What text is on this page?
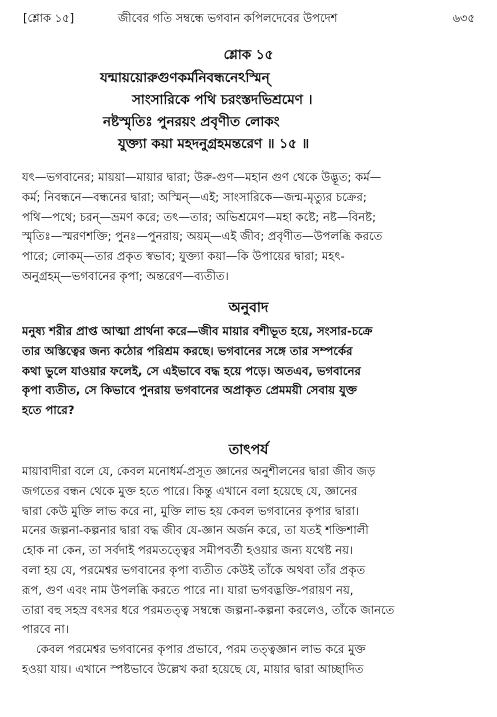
[শ্লোক ১৫]	জীবের গতি সম্বন্ধে ভগবান কপিলদেবের উপদেশ	৬৩৫
শ্লোক ১৫
যন্মায়য়োরুগুণকর্মনিবন্ধনেঽস্মিন্
সাংসারিকে পথি চরংস্তদভিশ্রমেণ ।
নষ্টস্মৃতিঃ পুনরয়ং প্রবৃণীত লোকং
যুক্ত্যা কয়া মহদনুগ্রহমন্তরেণ ॥ ১৫ ॥
যৎ—ভগবানের; মায়য়া—মায়ার দ্বারা; উরু-গুণ—মহান গুণ থেকে উদ্ভূত; কর্ম—
কর্ম; নিবন্ধনে—বন্ধনের দ্বারা; অস্মিন্—এই; সাংসারিকে—জন্ম-মৃত্যুর চক্রের;
পথি—পথে; চরন্—ভ্রমণ করে; তৎ—তার; অভিশ্রমেণ—মহা কষ্টে; নষ্ট—বিনষ্ট;
স্মৃতিঃ—স্মরণশক্তি; পুনঃ—পুনরায়; অয়ম্—এই জীব; প্রবৃণীত—উপলব্ধি করতে
পারে; লোকম্—তার প্রকৃত স্বভাব; যুক্ত্যা কয়া—কি উপায়ের দ্বারা; মহৎ-
অনুগ্রহম্—ভগবানের কৃপা; অন্তরেণ—ব্যতীত।
অনুবাদ
মনুষ্য শরীর প্রাপ্ত আত্মা প্রার্থনা করে—জীব মায়ার বশীভূত হয়ে, সংসার-চক্রে
তার অস্তিত্বের জন্য কঠোর পরিশ্রম করছে। ভগবানের সঙ্গে তার সম্পর্কের
কথা ভুলে যাওয়ার ফলেই, সে এইভাবে বদ্ধ হয়ে পড়ে। অতএব, ভগবানের
কৃপা ব্যতীত, সে কিভাবে পুনরায় ভগবানের অপ্রাকৃত প্রেমময়ী সেবায় যুক্ত
হতে পারে?
তাৎপর্য
মায়াবাদীরা বলে যে, কেবল মনোধর্ম-প্রসূত জ্ঞানের অনুশীলনের দ্বারা জীব জড়
জগতের বন্ধন থেকে মুক্ত হতে পারে। কিন্তু এখানে বলা হয়েছে যে, জ্ঞানের
দ্বারা কেউ মুক্তি লাভ করে না, মুক্তি লাভ হয় কেবল ভগবানের কৃপার দ্বারা।
মনের জল্পনা-কল্পনার দ্বারা বদ্ধ জীব যে-জ্ঞান অর্জন করে, তা যতই শক্তিশালী
হোক না কেন, তা সর্বদাই পরমতত্ত্বের সমীপবর্তী হওয়ার জন্য যথেষ্ট নয়।
বলা হয় যে, পরমেশ্বর ভগবানের কৃপা ব্যতীত কেউই তাঁকে অথবা তাঁর প্রকৃত
রূপ, গুণ এবং নাম উপলব্ধি করতে পারে না। যারা ভগবদ্ভক্তি-পরায়ণ নয়,
তারা বহু সহস্র বৎসর ধরে পরমতত্ত্ব সম্বন্ধে জল্পনা-কল্পনা করলেও, তাঁকে জানতে
পারবে না।
কেবল পরমেশ্বর ভগবানের কৃপার প্রভাবে, পরম তত্ত্বজ্ঞান লাভ করে মুক্ত
হওয়া যায়। এখানে স্পষ্টভাবে উল্লেখ করা হয়েছে যে, মায়ার দ্বারা আচ্ছাদিত
